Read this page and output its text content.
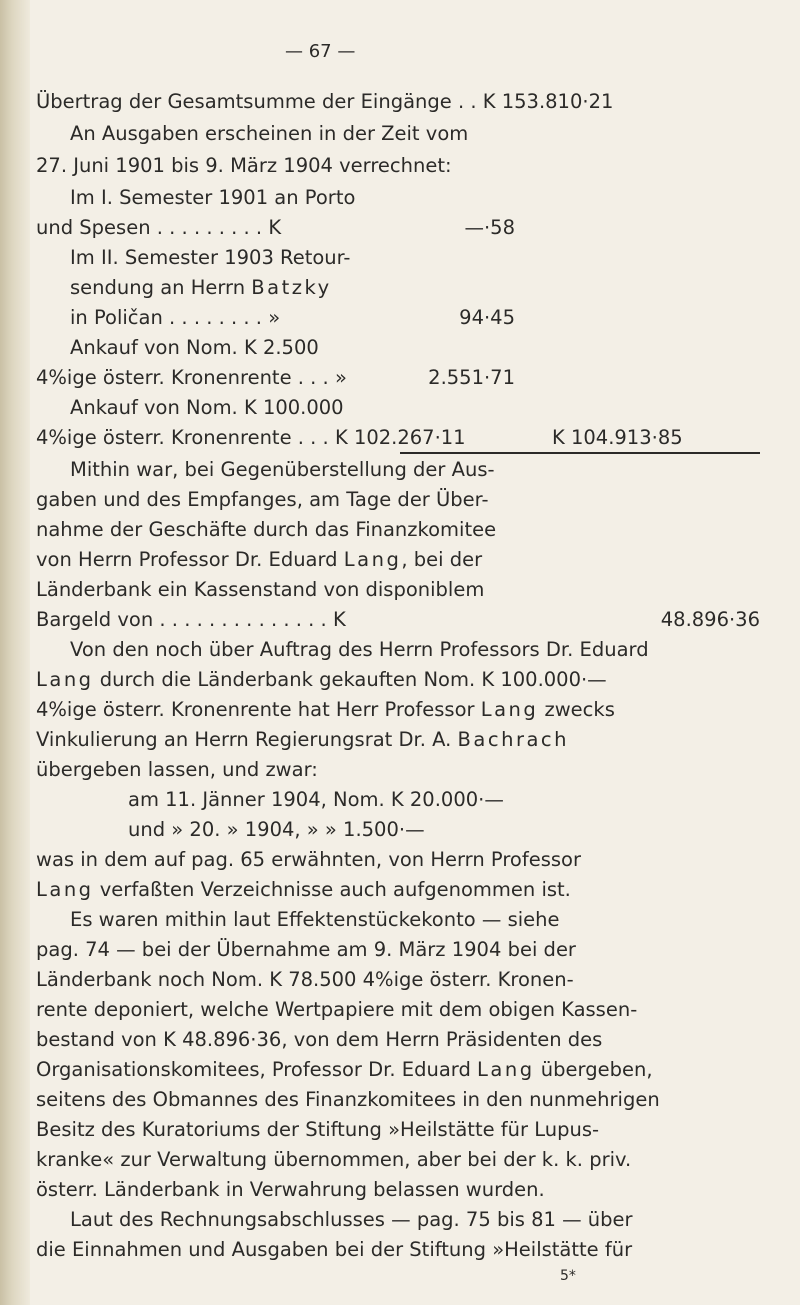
— 67 —
Übertrag der Gesamtsumme der Eingänge . . K 153.810·21
An Ausgaben erscheinen in der Zeit vom
27. Juni 1901 bis 9. März 1904 verrechnet:
Im I. Semester 1901 an Porto
und Spesen . . . . . . . . . K	—·58
Im II. Semester 1903 Retour-
sendung an Herrn Batzky
in Poličan . . . . . . . . »	94·45
Ankauf von Nom. K 2.500
4%ige österr. Kronenrente . . . »	2.551·71
Ankauf von Nom. K 100.000
4%ige österr. Kronenrente . . . K 102.267·11	K 104.913·85
Mithin war, bei Gegenüberstellung der Aus-
gaben und des Empfanges, am Tage der Über-
nahme der Geschäfte durch das Finanzkomitee
von Herrn Professor Dr. Eduard Lang, bei der
Länderbank ein Kassenstand von disponiblem
Bargeld von . . . . . . . . . . . . . . K	48.896·36
Von den noch über Auftrag des Herrn Professors Dr. Eduard
Lang durch die Länderbank gekauften Nom. K 100.000·—
4%ige österr. Kronenrente hat Herr Professor Lang zwecks
Vinkulierung an Herrn Regierungsrat Dr. A. Bachrach
übergeben lassen, und zwar:
am 11. Jänner 1904, Nom. K 20.000·—
und » 20. » 1904, » » 1.500·—
was in dem auf pag. 65 erwähnten, von Herrn Professor
Lang verfaßten Verzeichnisse auch aufgenommen ist.
Es waren mithin laut Effektenstückekonto — siehe
pag. 74 — bei der Übernahme am 9. März 1904 bei der
Länderbank noch Nom. K 78.500 4%ige österr. Kronen-
rente deponiert, welche Wertpapiere mit dem obigen Kassen-
bestand von K 48.896·36, von dem Herrn Präsidenten des
Organisationskomitees, Professor Dr. Eduard Lang übergeben,
seitens des Obmannes des Finanzkomitees in den nunmehrigen
Besitz des Kuratoriums der Stiftung »Heilstätte für Lupus-
kranke« zur Verwaltung übernommen, aber bei der k. k. priv.
österr. Länderbank in Verwahrung belassen wurden.
Laut des Rechnungsabschlusses — pag. 75 bis 81 — über
die Einnahmen und Ausgaben bei der Stiftung »Heilstätte für
5*
